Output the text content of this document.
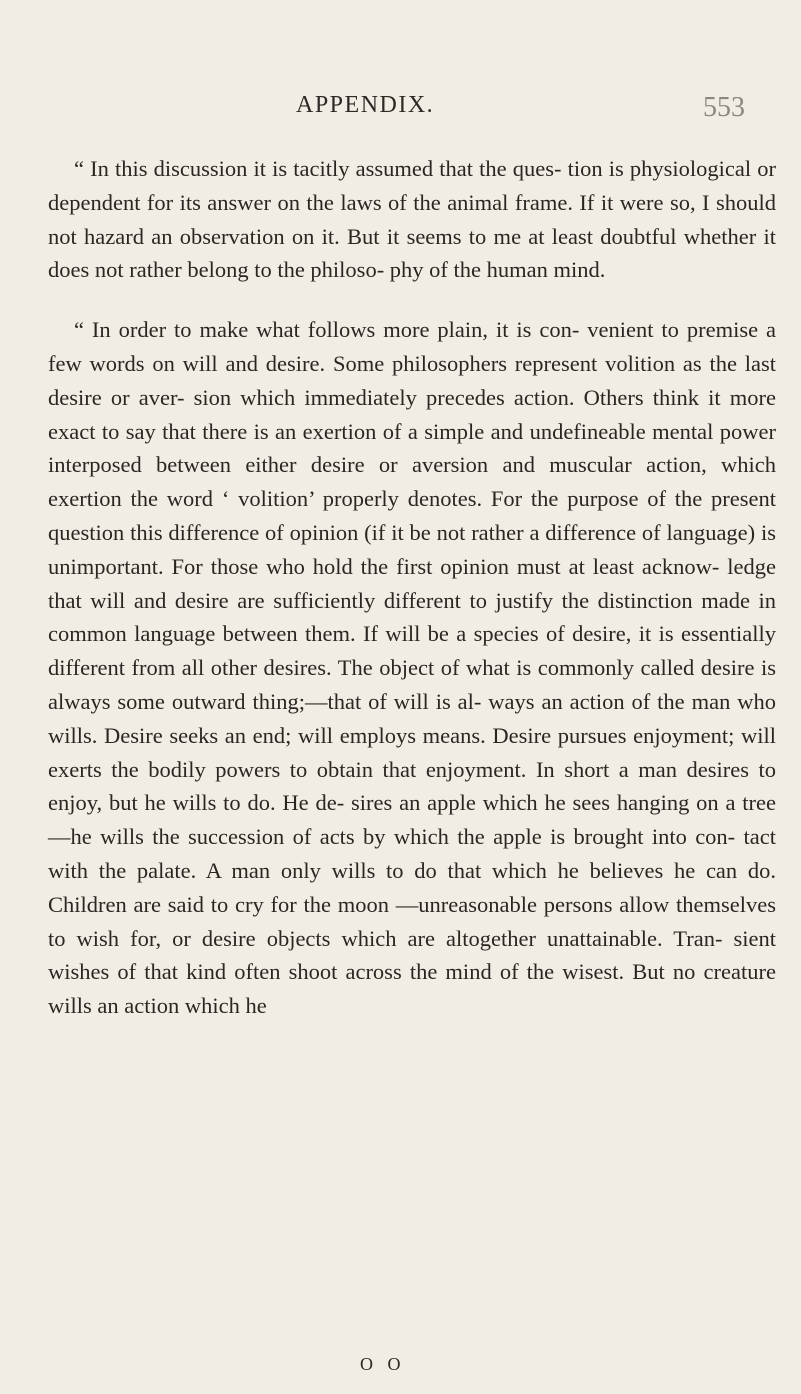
APPENDIX.	553

“ In this discussion it is tacitly assumed that the ques- tion is physiological or dependent for its answer on the laws of the animal frame. If it were so, I should not hazard an observation on it. But it seems to me at least doubtful whether it does not rather belong to the philoso- phy of the human mind.

“ In order to make what follows more plain, it is con- venient to premise a few words on will and desire. Some philosophers represent volition as the last desire or aver- sion which immediately precedes action. Others think it more exact to say that there is an exertion of a simple and undefineable mental power interposed between either desire or aversion and muscular action, which exertion the word ‘ volition’ properly denotes. For the purpose of the present question this difference of opinion (if it be not rather a difference of language) is unimportant. For those who hold the first opinion must at least acknow- ledge that will and desire are sufficiently different to justify the distinction made in common language between them. If will be a species of desire, it is essentially different from all other desires. The object of what is commonly called desire is always some outward thing;—that of will is al- ways an action of the man who wills. Desire seeks an end; will employs means. Desire pursues enjoyment; will exerts the bodily powers to obtain that enjoyment. In short a man desires to enjoy, but he wills to do. He de- sires an apple which he sees hanging on a tree—he wills the succession of acts by which the apple is brought into con- tact with the palate. A man only wills to do that which he believes he can do. Children are said to cry for the moon —unreasonable persons allow themselves to wish for, or desire objects which are altogether unattainable. Tran- sient wishes of that kind often shoot across the mind of the wisest. But no creature wills an action which he

O O
